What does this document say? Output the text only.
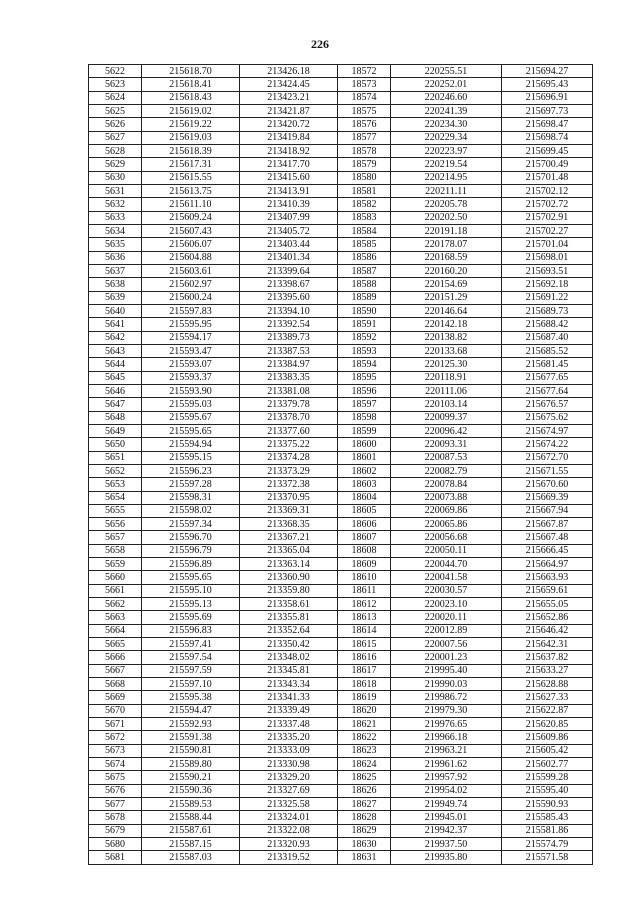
226
5622	215618.70	213426.18	18572	220255.51	215694.27
5623	215618.41	213424.45	18573	220252.01	215695.43
5624	215618.43	213423.21	18574	220246.60	215696.91
5625	215619.02	213421.87	18575	220241.39	215697.73
5626	215619.22	213420.72	18576	220234.30	215698.47
5627	215619.03	213419.84	18577	220229.34	215698.74
5628	215618.39	213418.92	18578	220223.97	215699.45
5629	215617.31	213417.70	18579	220219.54	215700.49
5630	215615.55	213415.60	18580	220214.95	215701.48
5631	215613.75	213413.91	18581	220211.11	215702.12
5632	215611.10	213410.39	18582	220205.78	215702.72
5633	215609.24	213407.99	18583	220202.50	215702.91
5634	215607.43	213405.72	18584	220191.18	215702.27
5635	215606.07	213403.44	18585	220178.07	215701.04
5636	215604.88	213401.34	18586	220168.59	215698.01
5637	215603.61	213399.64	18587	220160.20	215693.51
5638	215602.97	213398.67	18588	220154.69	215692.18
5639	215600.24	213395.60	18589	220151.29	215691.22
5640	215597.83	213394.10	18590	220146.64	215689.73
5641	215595.95	213392.54	18591	220142.18	215688.42
5642	215594.17	213389.73	18592	220138.82	215687.40
5643	215593.47	213387.53	18593	220133.68	215685.52
5644	215593.07	213384.97	18594	220125.30	215681.45
5645	215593.37	213383.35	18595	220118.91	215677.65
5646	215593.90	213381.08	18596	220111.06	215677.64
5647	215595.03	213379.78	18597	220103.14	215676.57
5648	215595.67	213378.70	18598	220099.37	215675.62
5649	215595.65	213377.60	18599	220096.42	215674.97
5650	215594.94	213375.22	18600	220093.31	215674.22
5651	215595.15	213374.28	18601	220087.53	215672.70
5652	215596.23	213373.29	18602	220082.79	215671.55
5653	215597.28	213372.38	18603	220078.84	215670.60
5654	215598.31	213370.95	18604	220073.88	215669.39
5655	215598.02	213369.31	18605	220069.86	215667.94
5656	215597.34	213368.35	18606	220065.86	215667.87
5657	215596.70	213367.21	18607	220056.68	215667.48
5658	215596.79	213365.04	18608	220050.11	215666.45
5659	215596.89	213363.14	18609	220044.70	215664.97
5660	215595.65	213360.90	18610	220041.58	215663.93
5661	215595.10	213359.80	18611	220030.57	215659.61
5662	215595.13	213358.61	18612	220023.10	215655.05
5663	215595.69	213355.81	18613	220020.11	215652.86
5664	215596.83	213352.64	18614	220012.89	215646.42
5665	215597.41	213350.42	18615	220007.56	215642.31
5666	215597.54	213348.02	18616	220001.23	215637.82
5667	215597.59	213345.81	18617	219995.40	215633.27
5668	215597.10	213343.34	18618	219990.03	215628.88
5669	215595.38	213341.33	18619	219986.72	215627.33
5670	215594.47	213339.49	18620	219979.30	215622.87
5671	215592.93	213337.48	18621	219976.65	215620.85
5672	215591.38	213335.20	18622	219966.18	215609.86
5673	215590.81	213333.09	18623	219963.21	215605.42
5674	215589.80	213330.98	18624	219961.62	215602.77
5675	215590.21	213329.20	18625	219957.92	215599.28
5676	215590.36	213327.69	18626	219954.02	215595.40
5677	215589.53	213325.58	18627	219949.74	215590.93
5678	215588.44	213324.01	18628	219945.01	215585.43
5679	215587.61	213322.08	18629	219942.37	215581.86
5680	215587.15	213320.93	18630	219937.50	215574.79
5681	215587.03	213319.52	18631	219935.80	215571.58
